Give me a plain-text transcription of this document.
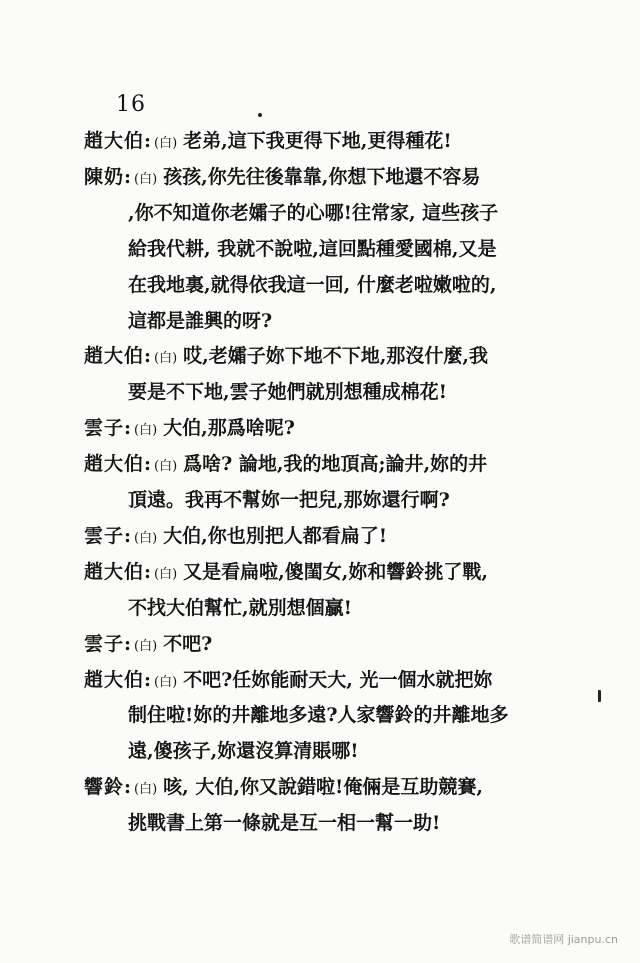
16
趙大伯: (白) 老弟,這下我更得下地,更得種花!
陳奶: (白) 孩孩,你先往後靠靠,你想下地還不容易
,你不知道你老孀子的心哪!往常家, 這些孩子
給我代耕, 我就不說啦,這回點種愛國棉,又是
在我地裏,就得依我這一回, 什麼老啦嫩啦的,
這都是誰興的呀?
趙大伯: (白) 哎,老孀子妳下地不下地,那沒什麼,我
要是不下地,雲子她們就別想種成棉花!
雲子: (白) 大伯,那爲啥呢?
趙大伯: (白) 爲啥? 論地,我的地頂高;論井,妳的井
頂遠。我再不幫妳一把兒,那妳還行啊?
雲子: (白) 大伯,你也別把人都看扁了!
趙大伯: (白) 又是看扁啦,傻閨女,妳和響鈴挑了戰,
不找大伯幫忙,就別想個贏!
雲子: (白) 不吧?
趙大伯: (白) 不吧?任妳能耐天大, 光一個水就把妳
制住啦!妳的井離地多遠?人家響鈴的井離地多
遠,傻孩子,妳還沒算清賬哪!
響鈴: (白) 咳, 大伯,你又說錯啦!俺倆是互助競賽,
挑戰書上第一條就是互一相一幫一助!
歌谱简谱网 jianpu.cn
